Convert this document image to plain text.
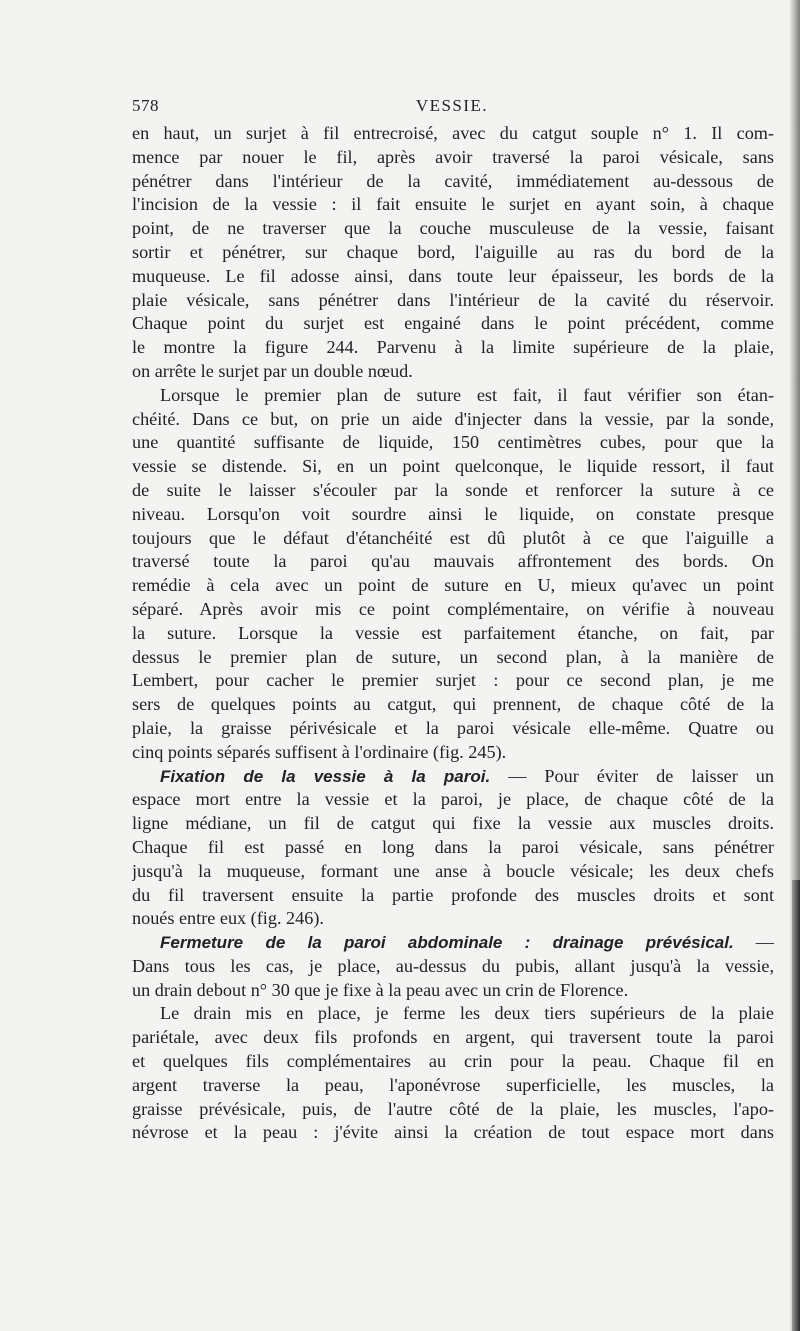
578	VESSIE.
en haut, un surjet à fil entrecroisé, avec du catgut souple n° 1. Il com-
mence par nouer le fil, après avoir traversé la paroi vésicale, sans
pénétrer dans l'intérieur de la cavité, immédiatement au-dessous de
l'incision de la vessie : il fait ensuite le surjet en ayant soin, à chaque
point, de ne traverser que la couche musculeuse de la vessie, faisant
sortir et pénétrer, sur chaque bord, l'aiguille au ras du bord de la
muqueuse. Le fil adosse ainsi, dans toute leur épaisseur, les bords de la
plaie vésicale, sans pénétrer dans l'intérieur de la cavité du réservoir.
Chaque point du surjet est engainé dans le point précédent, comme
le montre la figure 244. Parvenu à la limite supérieure de la plaie,
on arrête le surjet par un double nœud.
Lorsque le premier plan de suture est fait, il faut vérifier son étan-
chéité. Dans ce but, on prie un aide d'injecter dans la vessie, par la sonde,
une quantité suffisante de liquide, 150 centimètres cubes, pour que la
vessie se distende. Si, en un point quelconque, le liquide ressort, il faut
de suite le laisser s'écouler par la sonde et renforcer la suture à ce
niveau. Lorsqu'on voit sourdre ainsi le liquide, on constate presque
toujours que le défaut d'étanchéité est dû plutôt à ce que l'aiguille a
traversé toute la paroi qu'au mauvais affrontement des bords. On
remédie à cela avec un point de suture en U, mieux qu'avec un point
séparé. Après avoir mis ce point complémentaire, on vérifie à nouveau
la suture. Lorsque la vessie est parfaitement étanche, on fait, par
dessus le premier plan de suture, un second plan, à la manière de
Lembert, pour cacher le premier surjet : pour ce second plan, je me
sers de quelques points au catgut, qui prennent, de chaque côté de la
plaie, la graisse périvésicale et la paroi vésicale elle-même. Quatre ou
cinq points séparés suffisent à l'ordinaire (fig. 245).
Fixation de la vessie à la paroi. — Pour éviter de laisser un
espace mort entre la vessie et la paroi, je place, de chaque côté de la
ligne médiane, un fil de catgut qui fixe la vessie aux muscles droits.
Chaque fil est passé en long dans la paroi vésicale, sans pénétrer
jusqu'à la muqueuse, formant une anse à boucle vésicale; les deux chefs
du fil traversent ensuite la partie profonde des muscles droits et sont
noués entre eux (fig. 246).
Fermeture de la paroi abdominale : drainage prévésical. —
Dans tous les cas, je place, au-dessus du pubis, allant jusqu'à la vessie,
un drain debout n° 30 que je fixe à la peau avec un crin de Florence.
Le drain mis en place, je ferme les deux tiers supérieurs de la plaie
pariétale, avec deux fils profonds en argent, qui traversent toute la paroi
et quelques fils complémentaires au crin pour la peau. Chaque fil en
argent traverse la peau, l'aponévrose superficielle, les muscles, la
graisse prévésicale, puis, de l'autre côté de la plaie, les muscles, l'apo-
névrose et la peau : j'évite ainsi la création de tout espace mort dans
